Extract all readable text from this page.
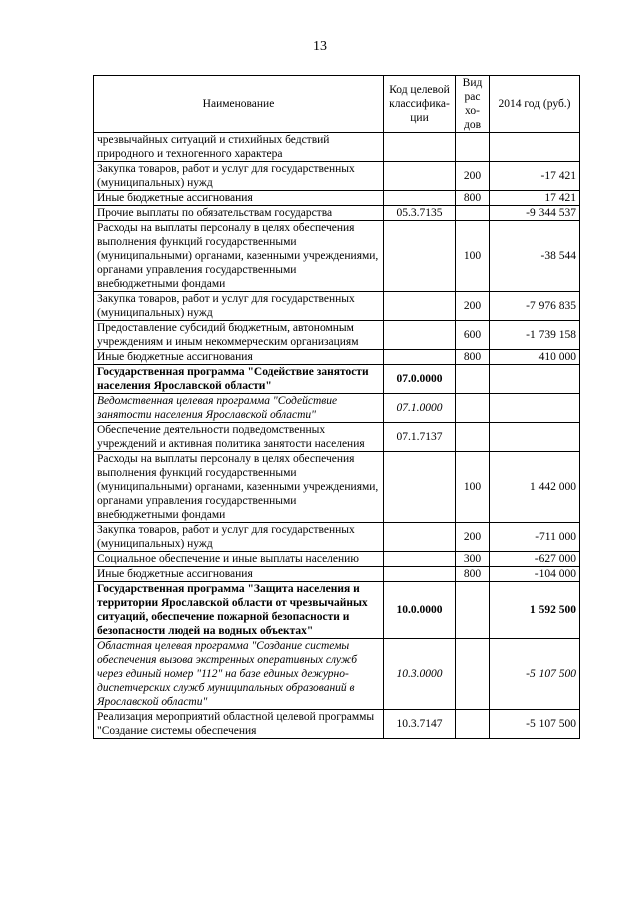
13
Наименование	Код целевой классифика-ции	Вид рас хо-дов	2014 год (руб.)
чрезвычайных ситуаций и стихийных бедствий природного и техногенного характера			
Закупка товаров, работ и услуг для государственных (муниципальных) нужд		200	-17 421
Иные бюджетные ассигнования		800	17 421
Прочие выплаты по обязательствам государства	05.3.7135		-9 344 537
Расходы на выплаты персоналу в целях обеспечения выполнения функций государственными (муниципальными) органами, казенными учреждениями, органами управления государственными внебюджетными фондами		100	-38 544
Закупка товаров, работ и услуг для государственных (муниципальных) нужд		200	-7 976 835
Предоставление субсидий бюджетным, автономным учреждениям и иным некоммерческим организациям		600	-1 739 158
Иные бюджетные ассигнования		800	410 000
Государственная программа "Содействие занятости населения Ярославской области"	07.0.0000		
Ведомственная целевая программа "Содействие занятости населения Ярославской области"	07.1.0000		
Обеспечение деятельности подведомственных учреждений и активная политика занятости населения	07.1.7137		
Расходы на выплаты персоналу в целях обеспечения выполнения функций государственными (муниципальными) органами, казенными учреждениями, органами управления государственными внебюджетными фондами		100	1 442 000
Закупка товаров, работ и услуг для государственных (муниципальных) нужд		200	-711 000
Социальное обеспечение и иные выплаты населению		300	-627 000
Иные бюджетные ассигнования		800	-104 000
Государственная программа "Защита населения и территории Ярославской области от чрезвычайных ситуаций, обеспечение пожарной безопасности и безопасности людей на водных объектах"	10.0.0000		1 592 500
Областная целевая программа "Создание системы обеспечения вызова экстренных оперативных служб через единый номер "112" на базе единых дежурно-диспетчерских служб муниципальных образований в Ярославской области"	10.3.0000		-5 107 500
Реализация мероприятий областной целевой программы "Создание системы обеспечения	10.3.7147		-5 107 500
